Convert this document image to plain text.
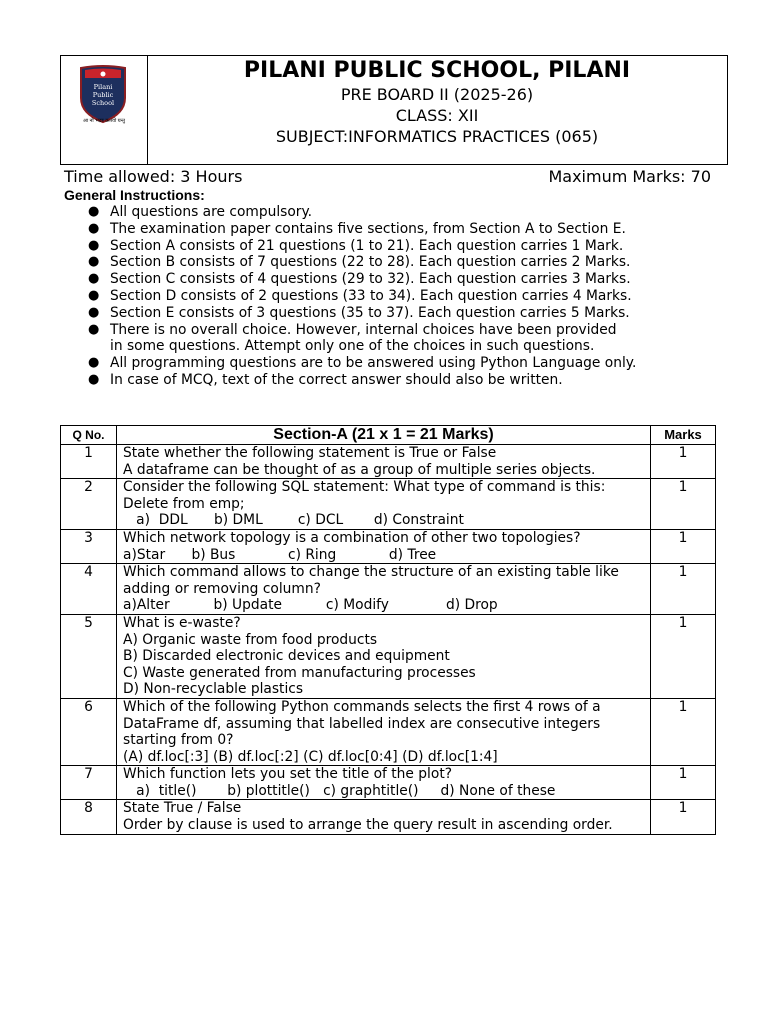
Pilani
Public
School
आ नो भद्राः क्रतवो यन्तु
PILANI PUBLIC SCHOOL, PILANI
PRE BOARD II (2025-26)
CLASS: XII
SUBJECT:INFORMATICS PRACTICES (065)
Time allowed: 3 Hours	Maximum Marks: 70
General Instructions:
● All questions are compulsory.
● The examination paper contains five sections, from Section A to Section E.
● Section A consists of 21 questions (1 to 21). Each question carries 1 Mark.
● Section B consists of 7 questions (22 to 28). Each question carries 2 Marks.
● Section C consists of 4 questions (29 to 32). Each question carries 3 Marks.
● Section D consists of 2 questions (33 to 34). Each question carries 4 Marks.
● Section E consists of 3 questions (35 to 37). Each question carries 5 Marks.
● There is no overall choice. However, internal choices have been provided in some questions. Attempt only one of the choices in such questions.
● All programming questions are to be answered using Python Language only.
● In case of MCQ, text of the correct answer should also be written.
Q No.	Section-A (21 x 1 = 21 Marks)	Marks
1	State whether the following statement is True or False
A dataframe can be thought of as a group of multiple series objects.	1
2	Consider the following SQL statement: What type of command is this: Delete from emp;
a)  DDL      b) DML        c) DCL       d) Constraint	1
3	Which network topology is a combination of other two topologies?
a)Star      b) Bus            c) Ring            d) Tree	1
4	Which command allows to change the structure of an existing table like adding or removing column?
a)Alter          b) Update          c) Modify             d) Drop	1
5	What is e-waste?
A) Organic waste from food products
B) Discarded electronic devices and equipment
C) Waste generated from manufacturing processes
D) Non-recyclable plastics	1
6	Which of the following Python commands selects the first 4 rows of a DataFrame df, assuming that labelled index are consecutive integers starting from 0?
(A) df.loc[:3] (B) df.loc[:2] (C) df.loc[0:4] (D) df.loc[1:4]	1
7	Which function lets you set the title of the plot?
a)  title()       b) plottitle()   c) graphtitle()     d) None of these	1
8	State True / False
Order by clause is used to arrange the query result in ascending order.	1
